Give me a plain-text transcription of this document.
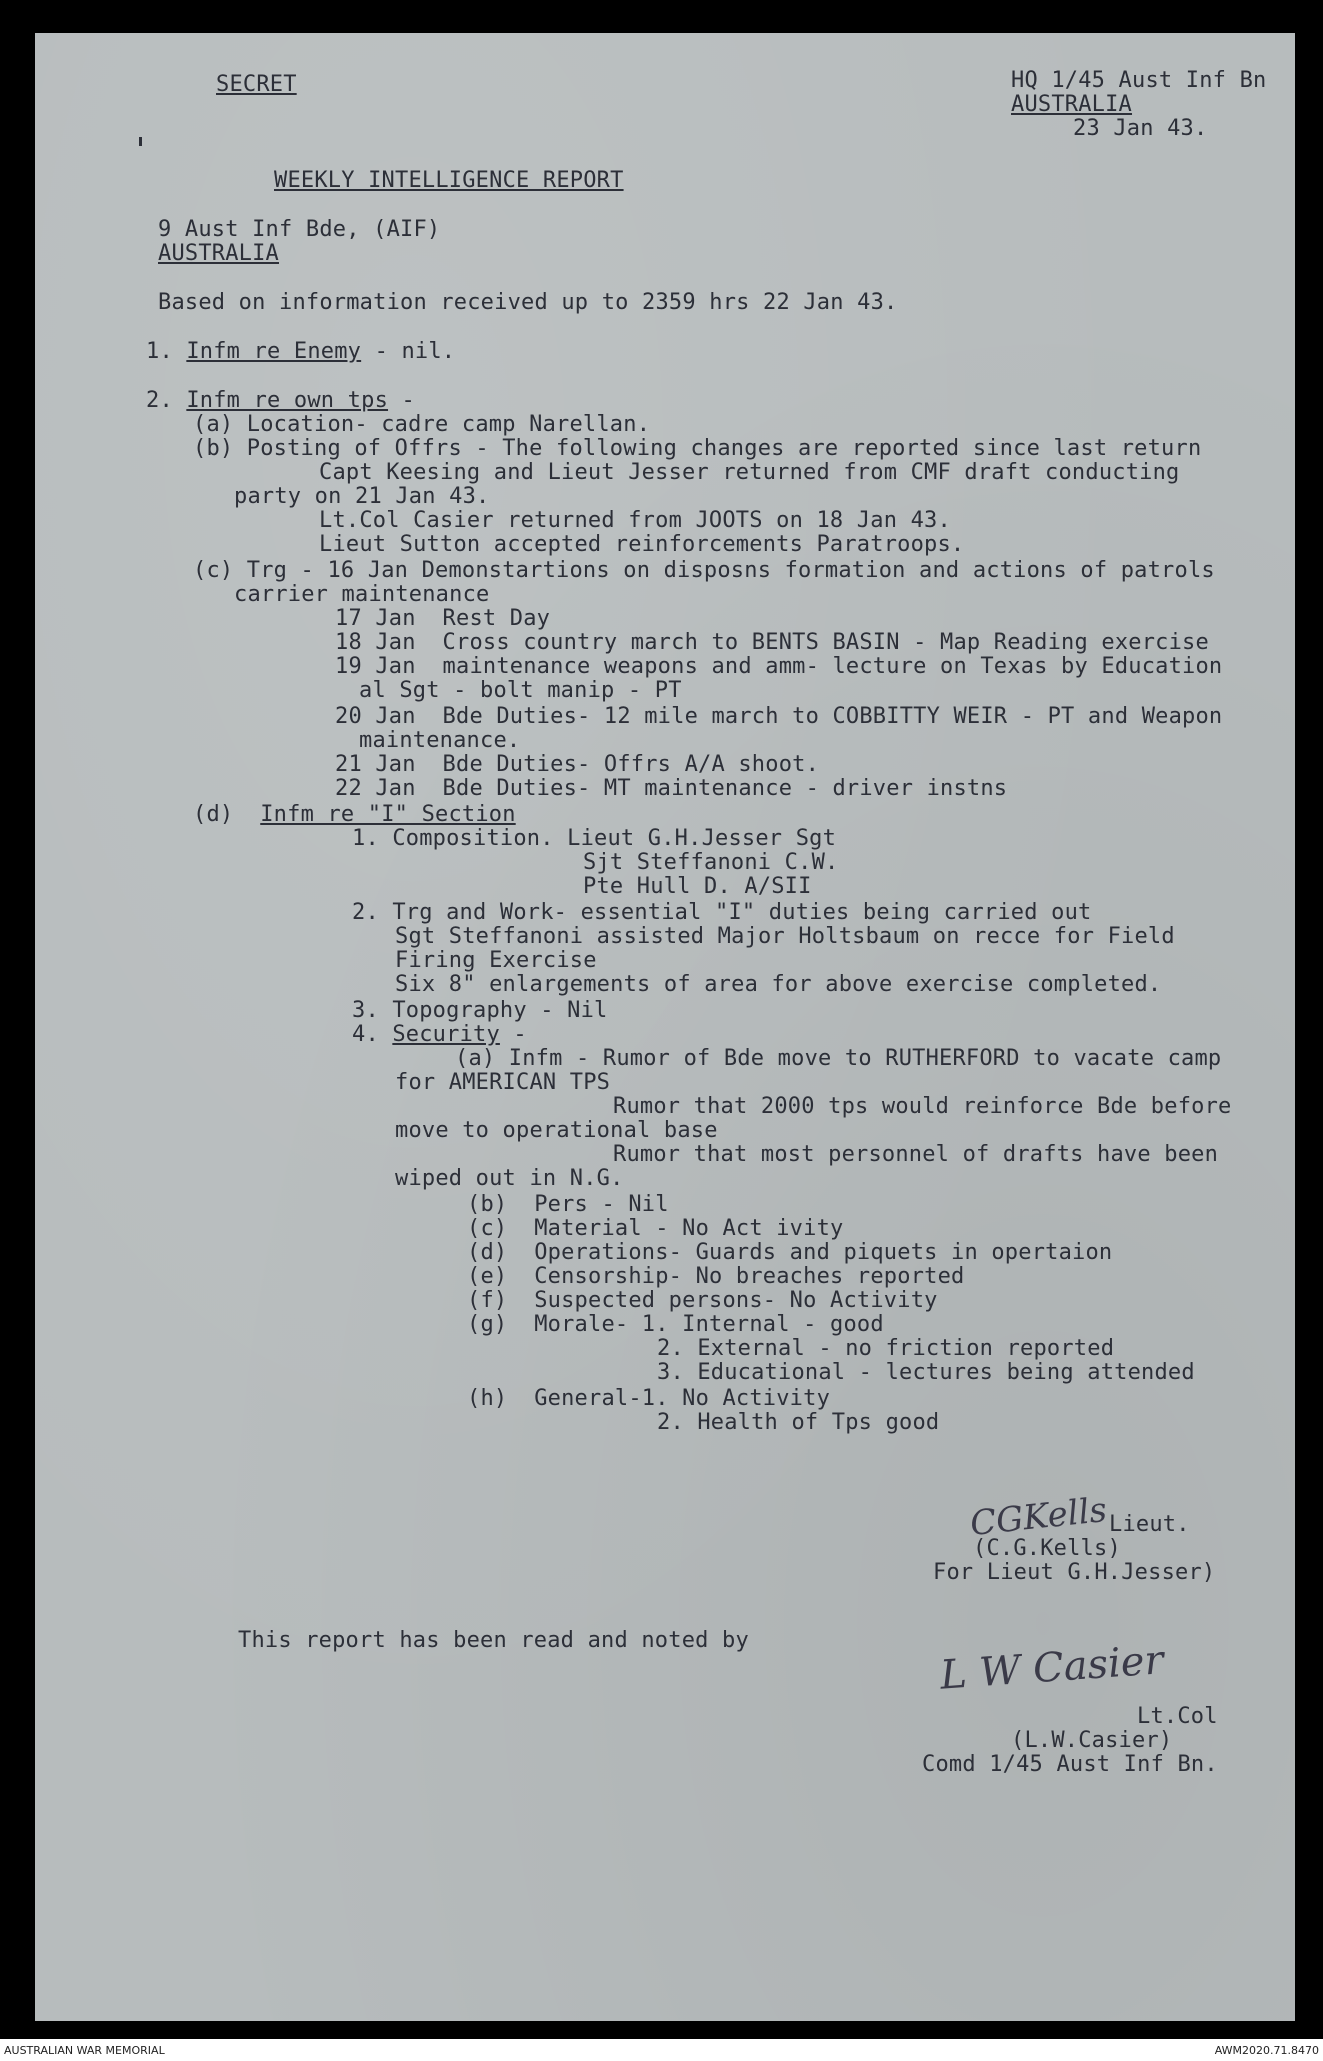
SECRET	HQ 1/45 Aust Inf Bn
AUSTRALIA
23 Jan 43.
WEEKLY INTELLIGENCE REPORT
9 Aust Inf Bde, (AIF)
AUSTRALIA
Based on information received up to 2359 hrs 22 Jan 43.
1. Infm re Enemy - nil.
2. Infm re own tps -
(a) Location- cadre camp Narellan.
(b) Posting of Offrs - The following changes are reported since last return
Capt Keesing and Lieut Jesser returned from CMF draft conducting
party on 21 Jan 43.
Lt.Col Casier returned from JOOTS on 18 Jan 43.
Lieut Sutton accepted reinforcements Paratroops.
(c) Trg - 16 Jan Demonstartions on disposns formation and actions of patrols
carrier maintenance
17 Jan  Rest Day
18 Jan  Cross country march to BENTS BASIN - Map Reading exercise
19 Jan  maintenance weapons and amm- lecture on Texas by Education
al Sgt - bolt manip - PT
20 Jan  Bde Duties- 12 mile march to COBBITTY WEIR - PT and Weapon
maintenance.
21 Jan  Bde Duties- Offrs A/A shoot.
22 Jan  Bde Duties- MT maintenance - driver instns
(d) Infm re "I" Section
1. Composition. Lieut G.H.Jesser Sgt
Sjt Steffanoni C.W.
Pte Hull D. A/SII
2. Trg and Work- essential "I" duties being carried out
Sgt Steffanoni assisted Major Holtsbaum on recce for Field
Firing Exercise
Six 8" enlargements of area for above exercise completed.
3. Topography - Nil
4. Security -
(a) Infm - Rumor of Bde move to RUTHERFORD to vacate camp
for AMERICAN TPS
Rumor that 2000 tps would reinforce Bde before
move to operational base
Rumor that most personnel of drafts have been
wiped out in N.G.
(b)  Pers - Nil
(c)  Material - No Act ivity
(d)  Operations- Guards and piquets in opertaion
(e)  Censorship- No breaches reported
(f)  Suspected persons- No Activity
(g)  Morale- 1. Internal - good
2. External - no friction reported
3. Educational - lectures being attended
(h)  General-1. No Activity
2. Health of Tps good
CGKells Lieut.
(C.G.Kells)
For Lieut G.H.Jesser)
This report has been read and noted by	L W Casier
Lt.Col
(L.W.Casier)
Comd 1/45 Aust Inf Bn.
AUSTRALIAN WAR MEMORIAL	AWM2020.71.8470
